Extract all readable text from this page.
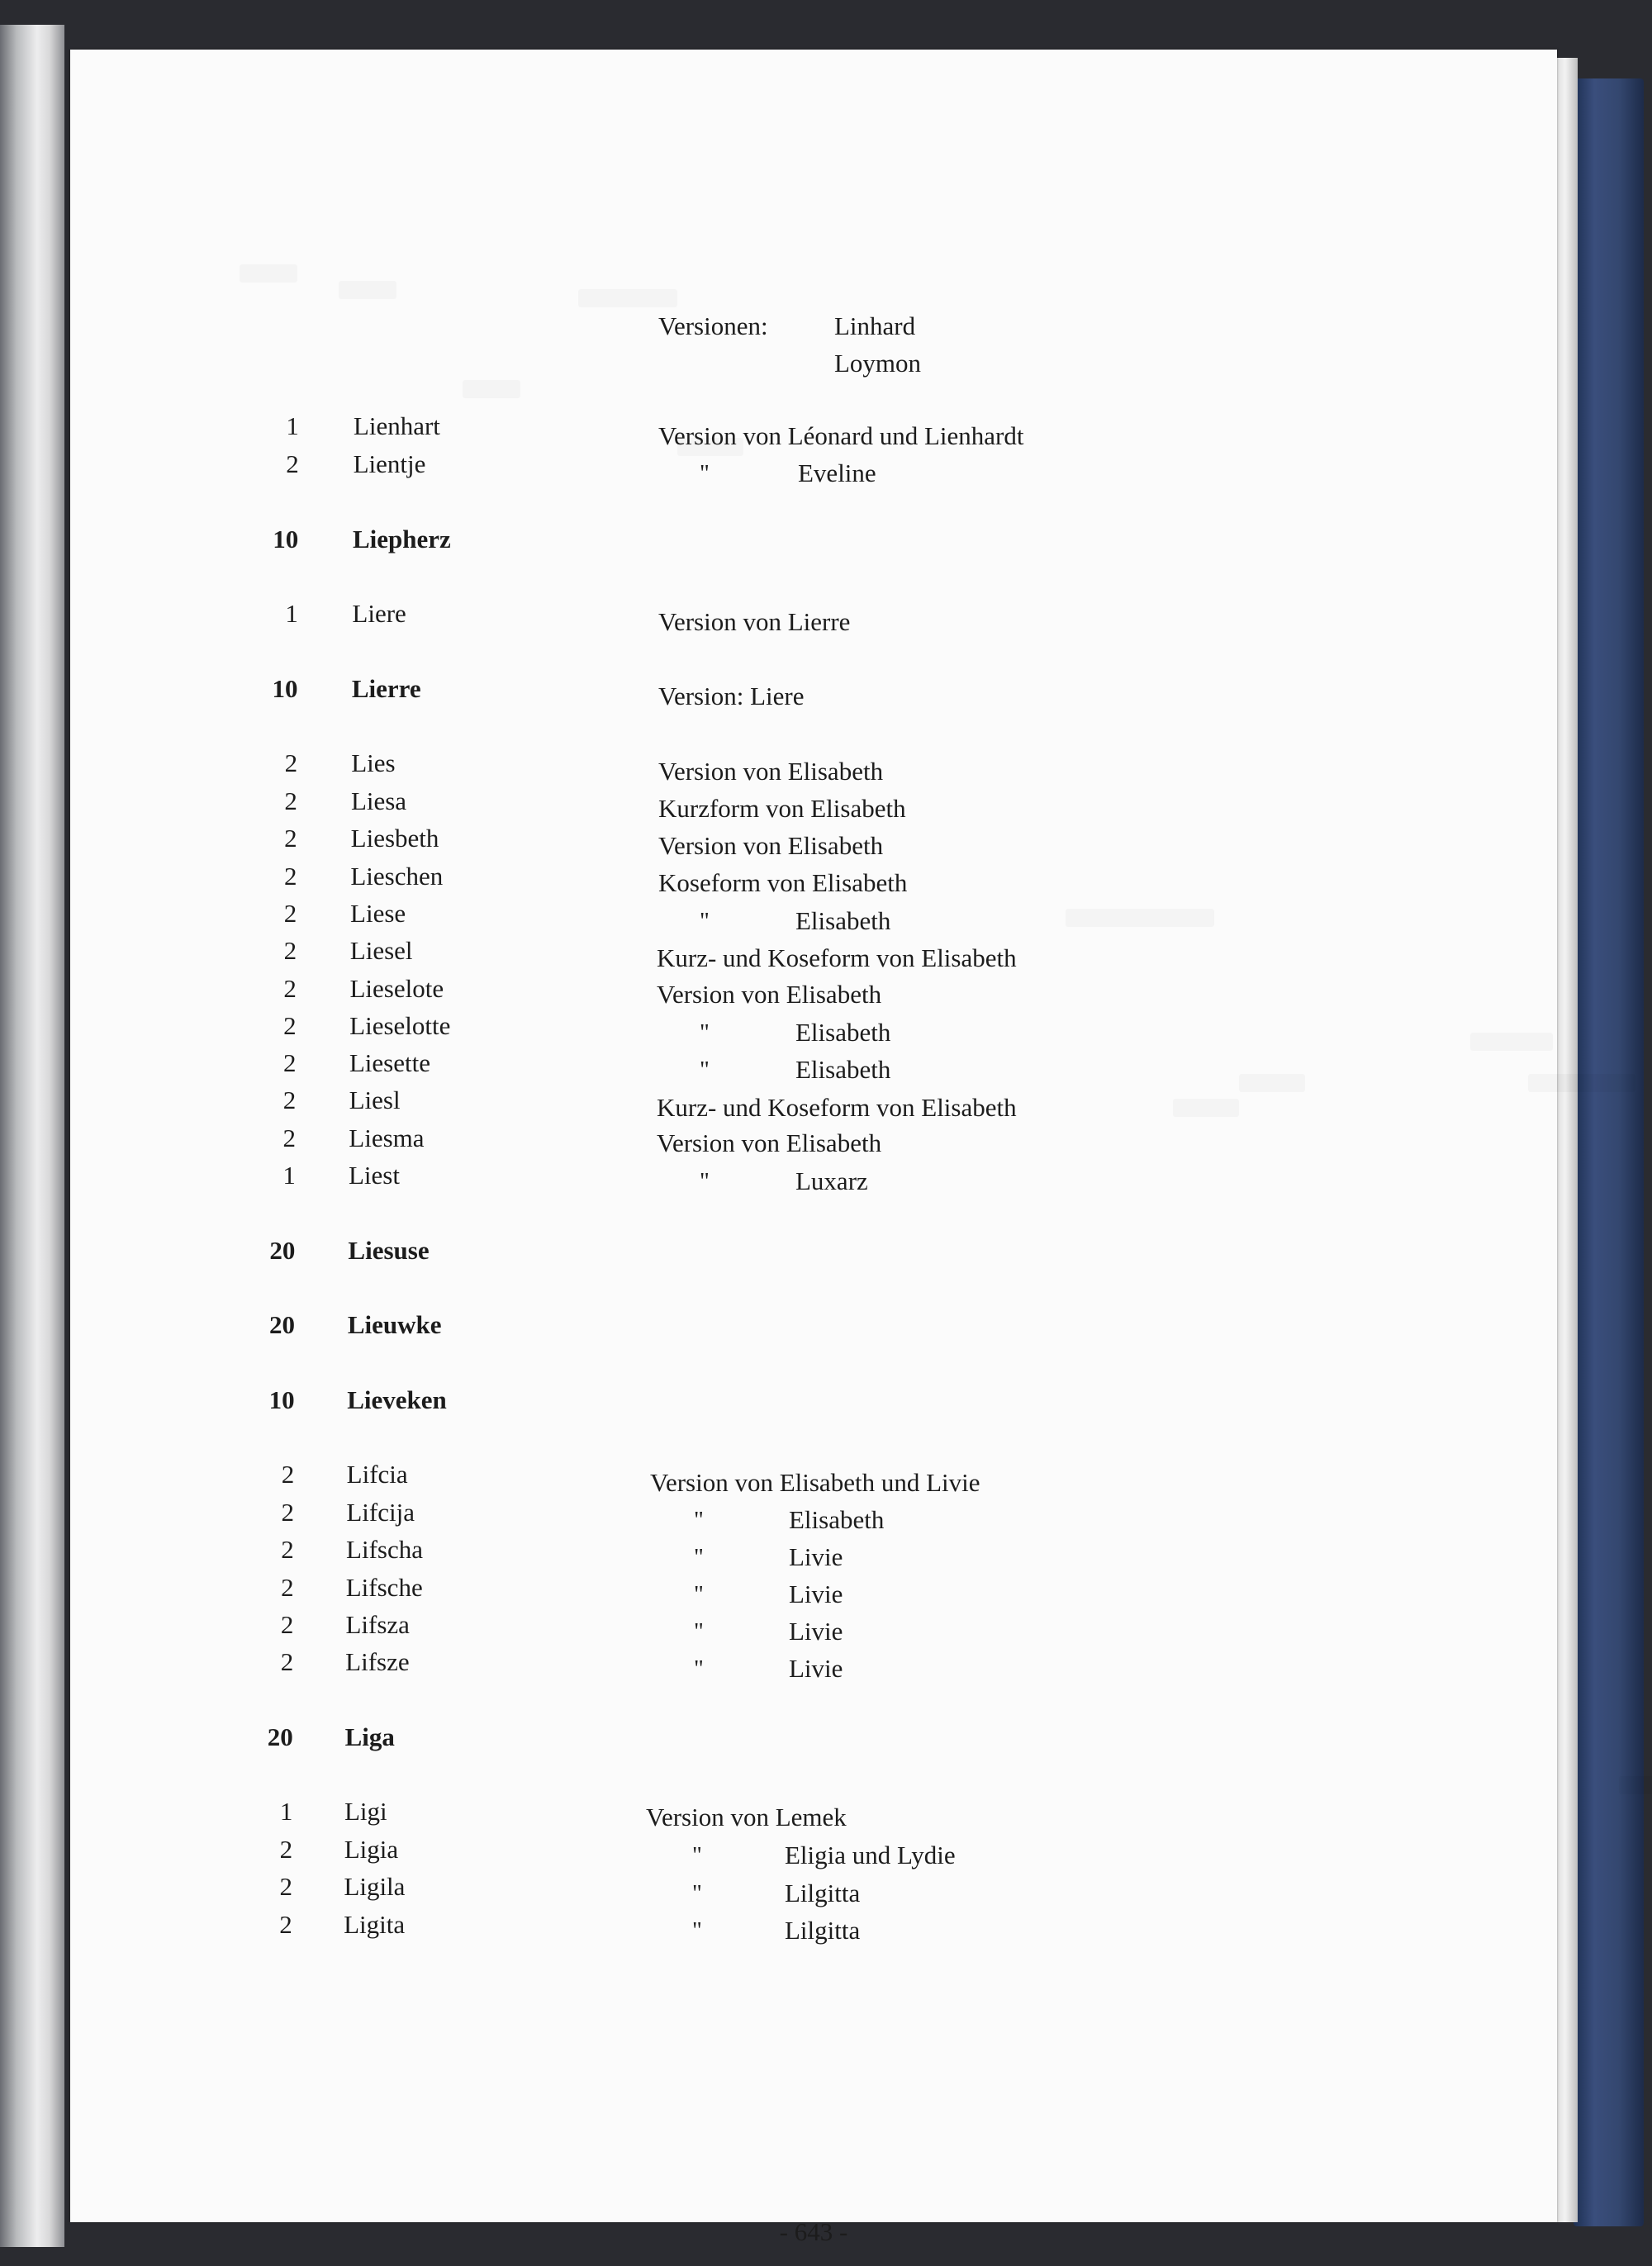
Versionen:	Linhard
Loymon
1 Lienhart	Version von Léonard und Lienhardt
2 Lientje	"	Eveline
10 Liepherz
1 Liere	Version von Lierre
10 Lierre	Version: Liere
2 Lies	Version von Elisabeth
2 Liesa	Kurzform von Elisabeth
2 Liesbeth	Version von Elisabeth
2 Lieschen	Koseform von Elisabeth
2 Liese	"	Elisabeth
2 Liesel	Kurz- und Koseform von Elisabeth
2 Lieselote	Version von Elisabeth
2 Lieselotte	"	Elisabeth
2 Liesette	"	Elisabeth
2 Liesl	Kurz- und Koseform von Elisabeth
2 Liesma	Version von Elisabeth
1 Liest	"	Luxarz
20 Liesuse
20 Lieuwke
10 Lieveken
2 Lifcia	Version von Elisabeth und Livie
2 Lifcija	"	Elisabeth
2 Lifscha	"	Livie
2 Lifsche	"	Livie
2 Lifsza	"	Livie
2 Lifsze	"	Livie
20 Liga
1 Ligi	Version von Lemek
2 Ligia	"	Eligia und Lydie
2 Ligila	"	Lilgitta
2 Ligita	"	Lilgitta
- 643 -
